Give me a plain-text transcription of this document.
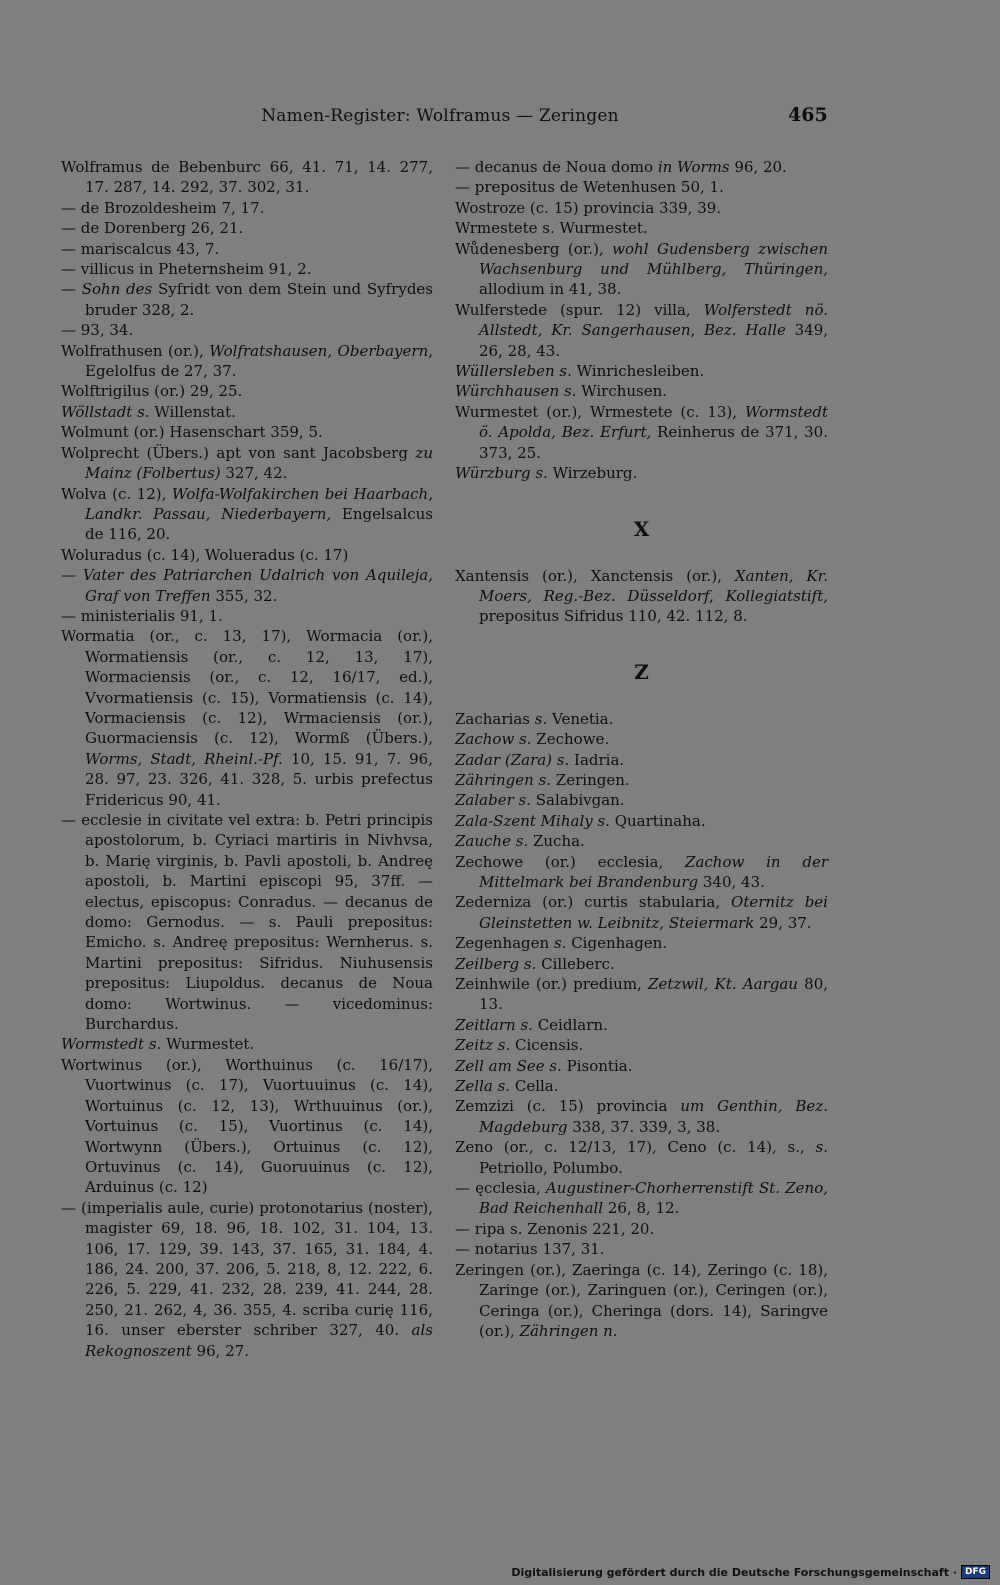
Namen-Register: Wolframus — Zeringen	465

Wolframus de Bebenburc 66, 41. 71, 14. 277, 17. 287, 14. 292, 37. 302, 31.

— de Brozoldesheim 7, 17.

— de Dorenberg 26, 21.

— mariscalcus 43, 7.

— villicus in Pheternsheim 91, 2.

— Sohn des Syfridt von dem Stein und Syfrydes bruder 328, 2.

— 93, 34.

Wolfrathusen (or.), Wolfratshausen, Oberbayern, Egelolfus de 27, 37.

Wolftrigilus (or.) 29, 25.

Wöllstadt s. Willenstat.

Wolmunt (or.) Hasenschart 359, 5.

Wolprecht (Übers.) apt von sant Jacobsberg zu Mainz (Folbertus) 327, 42.

Wolva (c. 12), Wolfa-Wolfakirchen bei Haarbach, Landkr. Passau, Niederbayern, Engelsalcus de 116, 20.

Woluradus (c. 14), Wolueradus (c. 17)

— Vater des Patriarchen Udalrich von Aquileja, Graf von Treffen 355, 32.

— ministerialis 91, 1.

Wormatia (or., c. 13, 17), Wormacia (or.), Wormatiensis (or., c. 12, 13, 17), Wormaciensis (or., c. 12, 16/17, ed.), Vvormatiensis (c. 15), Vormatiensis (c. 14), Vormaciensis (c. 12), Wrmaciensis (or.), Guormaciensis (c. 12), Wormß (Übers.), Worms, Stadt, Rheinl.-Pf. 10, 15. 91, 7. 96, 28. 97, 23. 326, 41. 328, 5. urbis prefectus Fridericus 90, 41.

— ecclesie in civitate vel extra: b. Petri principis apostolorum, b. Cyriaci martiris in Nivhvsa, b. Marię virginis, b. Pavli apostoli, b. Andreę apostoli, b. Martini episcopi 95, 37ff. — electus, episcopus: Conradus. — decanus de domo: Gernodus. — s. Pauli prepositus: Emicho. s. Andreę prepositus: Wernherus. s. Martini prepositus: Sifridus. Niuhusensis prepositus: Liupoldus. decanus de Noua domo: Wortwinus. — vicedominus: Burchardus.

Wormstedt s. Wurmestet.

Wortwinus (or.), Worthuinus (c. 16/17), Vuortwinus (c. 17), Vuortuuinus (c. 14), Wortuinus (c. 12, 13), Wrthuuinus (or.), Vortuinus (c. 15), Vuortinus (c. 14), Wortwynn (Übers.), Ortuinus (c. 12), Ortuvinus (c. 14), Guoruuinus (c. 12), Arduinus (c. 12)

— (imperialis aule, curie) protonotarius (noster), magister 69, 18. 96, 18. 102, 31. 104, 13. 106, 17. 129, 39. 143, 37. 165, 31. 184, 4. 186, 24. 200, 37. 206, 5. 218, 8, 12. 222, 6. 226, 5. 229, 41. 232, 28. 239, 41. 244, 28. 250, 21. 262, 4, 36. 355, 4. scriba curię 116, 16. unser eberster schriber 327, 40. als Rekognoszent 96, 27.

— decanus de Noua domo in Worms 96, 20.

— prepositus de Wetenhusen 50, 1.

Wostroze (c. 15) provincia 339, 39.

Wrmestete s. Wurmestet.

Wůdenesberg (or.), wohl Gudensberg zwischen Wachsenburg und Mühlberg, Thüringen, allodium in 41, 38.

Wulferstede (spur. 12) villa, Wolferstedt nö. Allstedt, Kr. Sangerhausen, Bez. Halle 349, 26, 28, 43.

Wüllersleben s. Winrichesleiben.

Würchhausen s. Wirchusen.

Wurmestet (or.), Wrmestete (c. 13), Wormstedt ö. Apolda, Bez. Erfurt, Reinherus de 371, 30. 373, 25.

Würzburg s. Wirzeburg.

X

Xantensis (or.), Xanctensis (or.), Xanten, Kr. Moers, Reg.-Bez. Düsseldorf, Kollegiatstift, prepositus Sifridus 110, 42. 112, 8.

Z

Zacharias s. Venetia.

Zachow s. Zechowe.

Zadar (Zara) s. Iadria.

Zähringen s. Zeringen.

Zalaber s. Salabivgan.

Zala-Szent Mihaly s. Quartinaha.

Zauche s. Zucha.

Zechowe (or.) ecclesia, Zachow in der Mittelmark bei Brandenburg 340, 43.

Zederniza (or.) curtis stabularia, Oternitz bei Gleinstetten w. Leibnitz, Steiermark 29, 37.

Zegenhagen s. Cigenhagen.

Zeilberg s. Cilleberc.

Zeinhwile (or.) predium, Zetzwil, Kt. Aargau 80, 13.

Zeitlarn s. Ceidlarn.

Zeitz s. Cicensis.

Zell am See s. Pisontia.

Zella s. Cella.

Zemzizi (c. 15) provincia um Genthin, Bez. Magdeburg 338, 37. 339, 3, 38.

Zeno (or., c. 12/13, 17), Ceno (c. 14), s., s. Petriollo, Polumbo.

— ęcclesia, Augustiner-Chorherrenstift St. Zeno, Bad Reichenhall 26, 8, 12.

— ripa s. Zenonis 221, 20.

— notarius 137, 31.

Zeringen (or.), Zaeringa (c. 14), Zeringo (c. 18), Zaringe (or.), Zaringuen (or.), Ceringen (or.), Ceringa (or.), Cheringa (dors. 14), Saringve (or.), Zähringen n.

Digitalisierung gefördert durch die Deutsche Forschungsgemeinschaft · DFG
